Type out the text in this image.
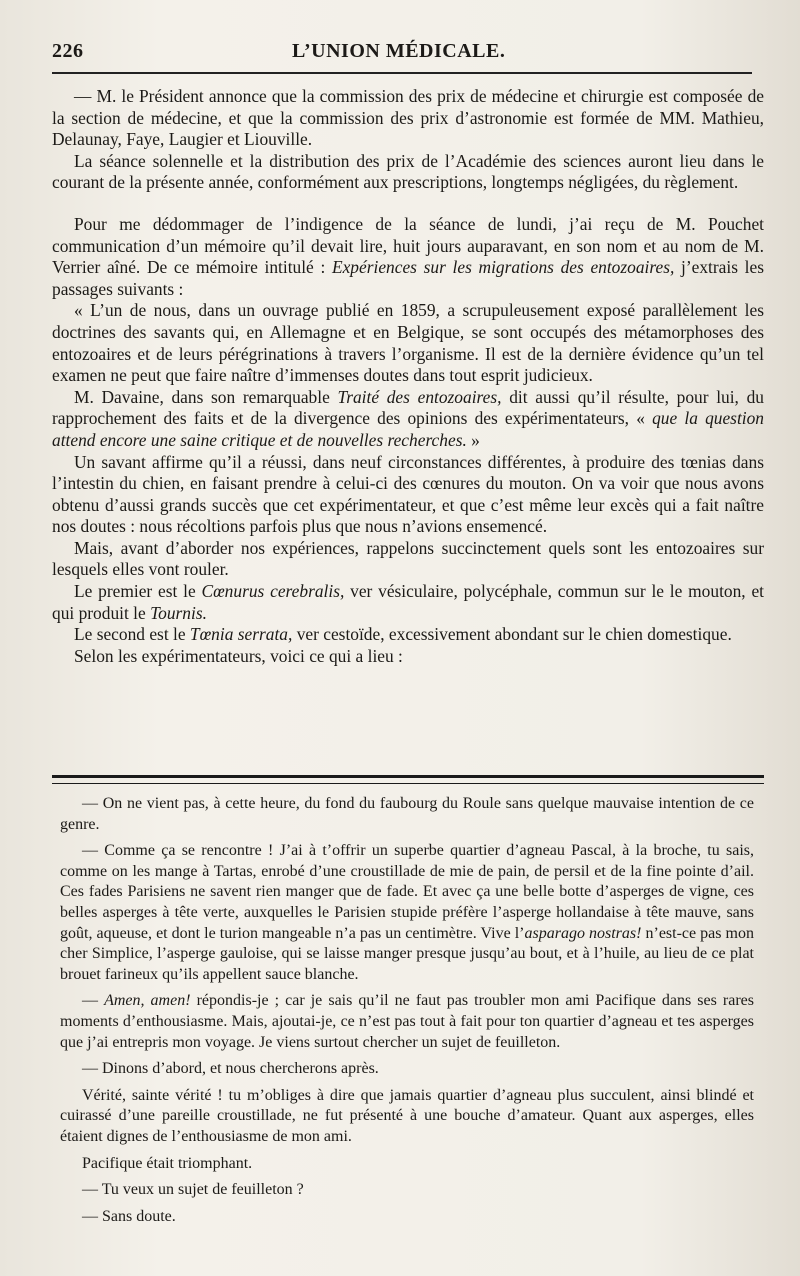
226	L’UNION MÉDICALE.

— M. le Président annonce que la commission des prix de médecine et chirurgie est composée de la section de médecine, et que la commission des prix d’astronomie est formée de MM. Mathieu, Delaunay, Faye, Laugier et Liouville.

La séance solennelle et la distribution des prix de l’Académie des sciences auront lieu dans le courant de la présente année, conformément aux prescriptions, longtemps négligées, du règlement.

Pour me dédommager de l’indigence de la séance de lundi, j’ai reçu de M. Pouchet communication d’un mémoire qu’il devait lire, huit jours auparavant, en son nom et au nom de M. Verrier aîné. De ce mémoire intitulé : Expériences sur les migrations des entozoaires, j’extrais les passages suivants :

« L’un de nous, dans un ouvrage publié en 1859, a scrupuleusement exposé parallèlement les doctrines des savants qui, en Allemagne et en Belgique, se sont occupés des métamorphoses des entozoaires et de leurs pérégrinations à travers l’organisme. Il est de la dernière évidence qu’un tel examen ne peut que faire naître d’immenses doutes dans tout esprit judicieux.

M. Davaine, dans son remarquable Traité des entozoaires, dit aussi qu’il résulte, pour lui, du rapprochement des faits et de la divergence des opinions des expérimentateurs, « que la question attend encore une saine critique et de nouvelles recherches. »

Un savant affirme qu’il a réussi, dans neuf circonstances différentes, à produire des tœnias dans l’intestin du chien, en faisant prendre à celui-ci des cœnures du mouton. On va voir que nous avons obtenu d’aussi grands succès que cet expérimentateur, et que c’est même leur excès qui a fait naître nos doutes : nous récoltions parfois plus que nous n’avions ensemencé.

Mais, avant d’aborder nos expériences, rappelons succinctement quels sont les entozoaires sur lesquels elles vont rouler.

Le premier est le Cœnurus cerebralis, ver vésiculaire, polycéphale, commun sur le le mouton, et qui produit le Tournis.

Le second est le Tœnia serrata, ver cestoïde, excessivement abondant sur le chien domestique.

Selon les expérimentateurs, voici ce qui a lieu :

— On ne vient pas, à cette heure, du fond du faubourg du Roule sans quelque mauvaise intention de ce genre.

— Comme ça se rencontre ! J’ai à t’offrir un superbe quartier d’agneau Pascal, à la broche, tu sais, comme on les mange à Tartas, enrobé d’une croustillade de mie de pain, de persil et de la fine pointe d’ail. Ces fades Parisiens ne savent rien manger que de fade. Et avec ça une belle botte d’asperges de vigne, ces belles asperges à tête verte, auxquelles le Parisien stupide préfère l’asperge hollandaise à tête mauve, sans goût, aqueuse, et dont le turion mangeable n’a pas un centimètre. Vive l’asparago nostras! n’est-ce pas mon cher Simplice, l’asperge gauloise, qui se laisse manger presque jusqu’au bout, et à l’huile, au lieu de ce plat brouet farineux qu’ils appellent sauce blanche.

— Amen, amen! répondis-je ; car je sais qu’il ne faut pas troubler mon ami Pacifique dans ses rares moments d’enthousiasme. Mais, ajoutai-je, ce n’est pas tout à fait pour ton quartier d’agneau et tes asperges que j’ai entrepris mon voyage. Je viens surtout chercher un sujet de feuilleton.

— Dinons d’abord, et nous chercherons après.

Vérité, sainte vérité ! tu m’obliges à dire que jamais quartier d’agneau plus succulent, ainsi blindé et cuirassé d’une pareille croustillade, ne fut présenté à une bouche d’amateur. Quant aux asperges, elles étaient dignes de l’enthousiasme de mon ami.

Pacifique était triomphant.

— Tu veux un sujet de feuilleton ?

— Sans doute.
